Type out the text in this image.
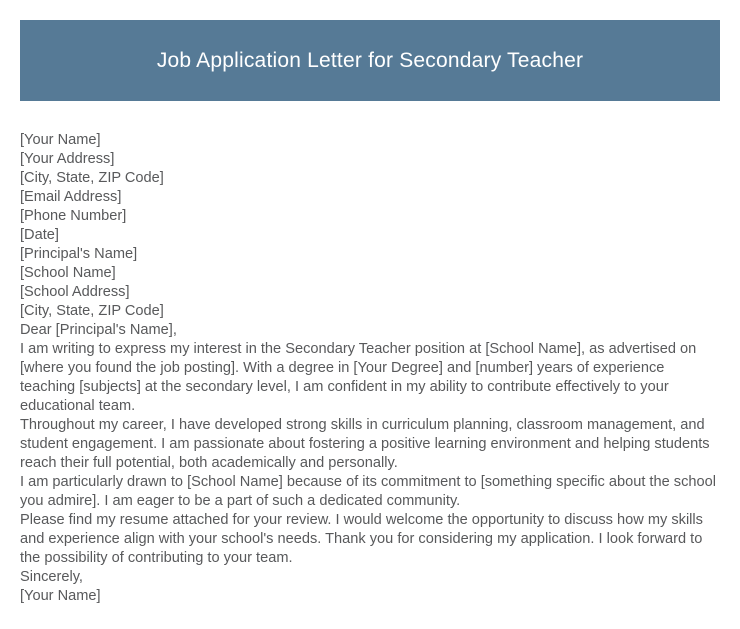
Job Application Letter for Secondary Teacher
[Your Name]
[Your Address]
[City, State, ZIP Code]
[Email Address]
[Phone Number]
[Date]
[Principal's Name]
[School Name]
[School Address]
[City, State, ZIP Code]
Dear [Principal's Name],

I am writing to express my interest in the Secondary Teacher position at [School Name], as advertised on [where you found the job posting]. With a degree in [Your Degree] and [number] years of experience teaching [subjects] at the secondary level, I am confident in my ability to contribute effectively to your educational team.

Throughout my career, I have developed strong skills in curriculum planning, classroom management, and student engagement. I am passionate about fostering a positive learning environment and helping students reach their full potential, both academically and personally.

I am particularly drawn to [School Name] because of its commitment to [something specific about the school you admire]. I am eager to be a part of such a dedicated community.

Please find my resume attached for your review. I would welcome the opportunity to discuss how my skills and experience align with your school's needs. Thank you for considering my application. I look forward to the possibility of contributing to your team.

Sincerely,
[Your Name]
